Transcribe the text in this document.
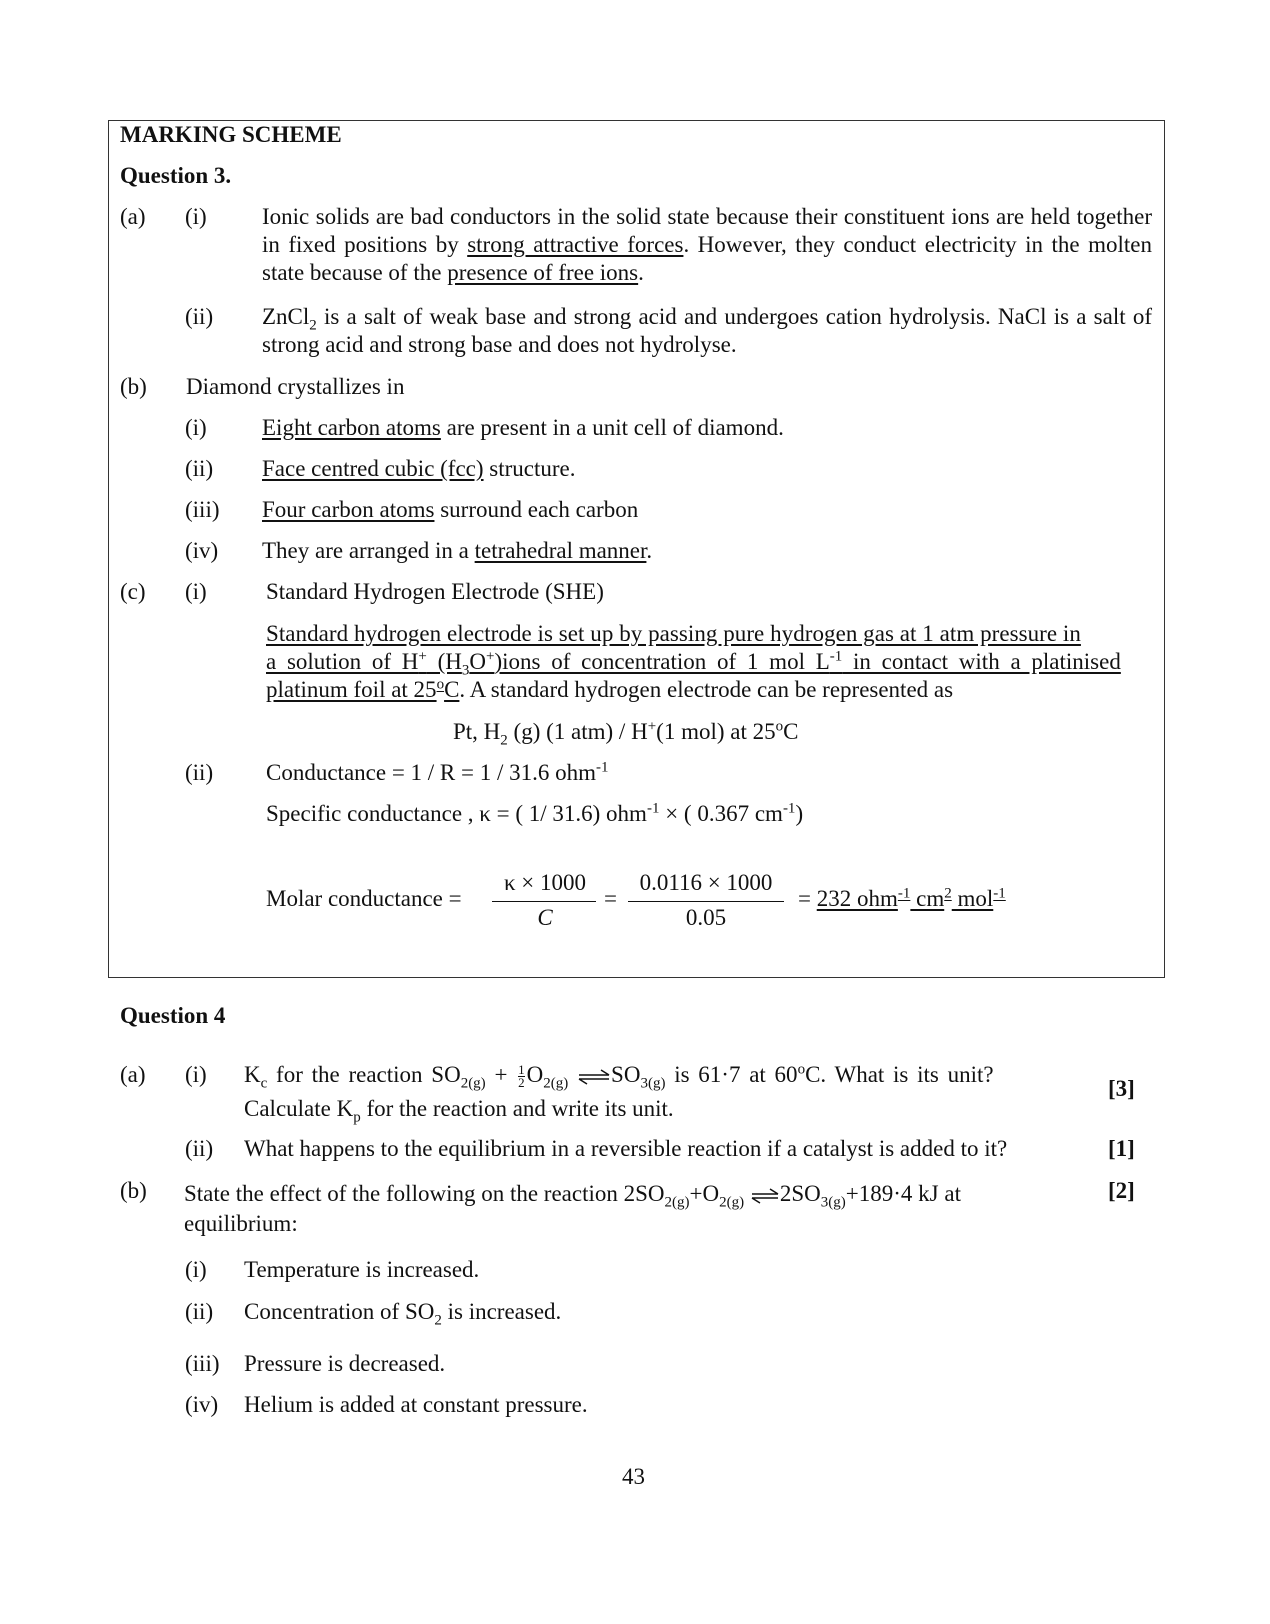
MARKING SCHEME
Question 3.
(a) (i) Ionic solids are bad conductors in the solid state because their constituent ions are held together in fixed positions by strong attractive forces. However, they conduct electricity in the molten state because of the presence of free ions.
(ii) ZnCl$_2$ is a salt of weak base and strong acid and undergoes cation hydrolysis. NaCl is a salt of strong acid and strong base and does not hydrolyse.
(b) Diamond crystallizes in
(i) Eight carbon atoms are present in a unit cell of diamond.
(ii) Face centred cubic (fcc) structure.
(iii) Four carbon atoms surround each carbon
(iv) They are arranged in a tetrahedral manner.
(c) (i)	Standard Hydrogen Electrode (SHE)
Standard hydrogen electrode is set up by passing pure hydrogen gas at 1 atm pressure in
a solution of H+ $(H_3O^+)ions$ of concentration of 1 mol $L^{-1}$ in contact with a platinised
platinum foil at 25$^o$C. A standard hydrogen electrode can be represented as
Pt, $H_2$ (g) (1 atm) / H+(1 mol) at 25$^o$C
(ii) Conductance = 1 / R = 1 / 31.6 ohm$^{-1}$
Specific conductance , κ = ( 1/ 31.6) ohm$^{-1}$ × ( 0.367 $cm^{-1}$)
Molar conductance =
κ × 1000
C
=
0.0116 × 1000
0.05
= 232 ohm$^{-1}$ $cm^2$ mol$^{-1}$
Question 4
(a) (i) $K_c$ for the reaction $SO_{2(g)} + \frac{1}{2} O_{2(g)}$ $\rightleftharpoons SO_{3(g)}$ is 61·7 at 60$^o$C. What is its unit?
Calculate $K_p$ for the reaction and write its unit.
[3]
(ii) What happens to the equilibrium in a reversible reaction if a catalyst is added to it?	[1]
(b) State the effect of the following on the reaction $2SO_{2(g)}+O_{2(g)}$ $\rightleftharpoons 2SO_{3(g)}+189\cdot 4$ kJ at
equilibrium:
[2]
(i) Temperature is increased.
(ii) Concentration of $SO_2$ is increased.
(iii) Pressure is decreased.
(iv) Helium is added at constant pressure.
43
